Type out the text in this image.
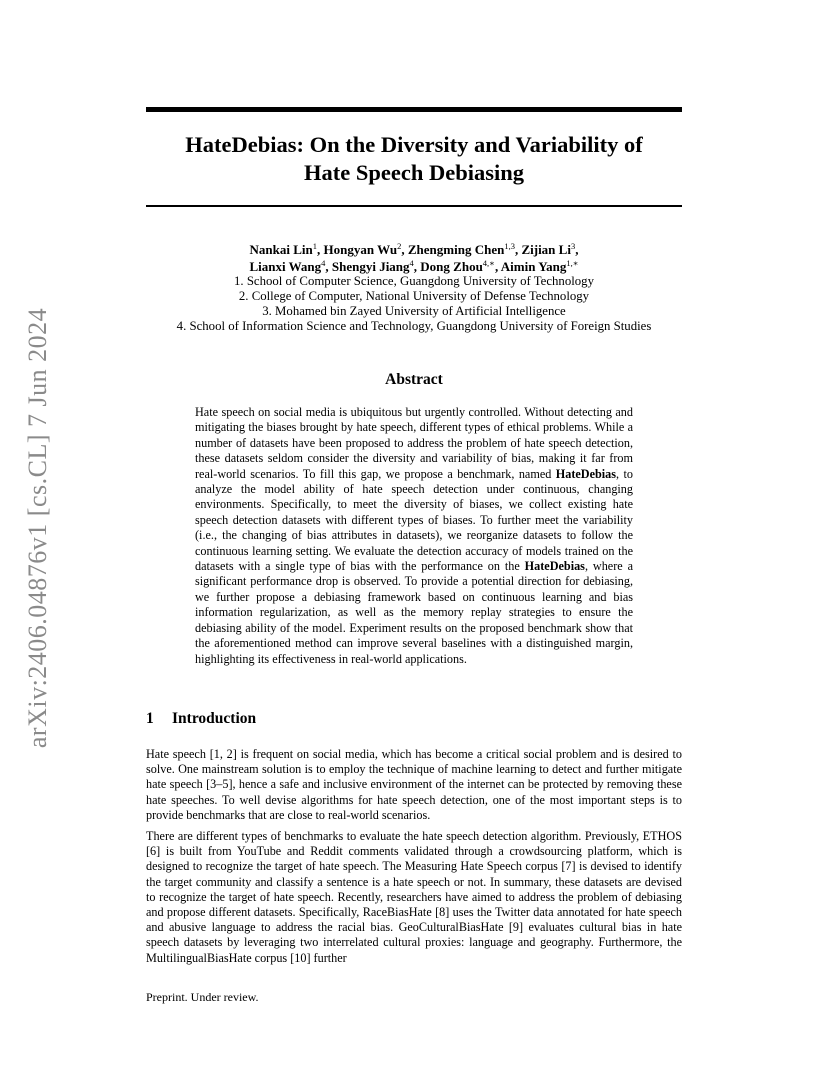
arXiv:2406.04876v1 [cs.CL] 7 Jun 2024
HateDebias: On the Diversity and Variability of
Hate Speech Debiasing
Nankai Lin$^1$, Hongyan Wu$^2$, Zhengming Chen$^{1,3}$, Zijian Li$^3$,
Lianxi Wang$^4$, Shengyi Jiang$^4$, Dong Zhou$^{4,∗}$, Aimin Yang$^{1,∗}$
1. School of Computer Science, Guangdong University of Technology
2. College of Computer, National University of Defense Technology
3. Mohamed bin Zayed University of Artificial Intelligence
4. School of Information Science and Technology, Guangdong University of Foreign Studies
Abstract
Hate speech on social media is ubiquitous but urgently controlled. Without detecting and mitigating the biases brought by hate speech, different types of ethical problems. While a number of datasets have been proposed to address the problem of hate speech detection, these datasets seldom consider the diversity and variability of bias, making it far from real-world scenarios. To fill this gap, we propose a benchmark, named HateDebias, to analyze the model ability of hate speech detection under continuous, changing environments. Specifically, to meet the diversity of biases, we collect existing hate speech detection datasets with different types of biases. To further meet the variability (i.e., the changing of bias attributes in datasets), we reorganize datasets to follow the continuous learning setting. We evaluate the detection accuracy of models trained on the datasets with a single type of bias with the performance on the HateDebias, where a significant performance drop is observed. To provide a potential direction for debiasing, we further propose a debiasing framework based on continuous learning and bias information regularization, as well as the memory replay strategies to ensure the debiasing ability of the model. Experiment results on the proposed benchmark show that the aforementioned method can improve several baselines with a distinguished margin, highlighting its effectiveness in real-world applications.
1 Introduction

Hate speech [1, 2] is frequent on social media, which has become a critical social problem and is desired to solve. One mainstream solution is to employ the technique of machine learning to detect and further mitigate hate speech [3–5], hence a safe and inclusive environment of the internet can be protected by removing these hate speeches. To well devise algorithms for hate speech detection, one of the most important steps is to provide benchmarks that are close to real-world scenarios.

There are different types of benchmarks to evaluate the hate speech detection algorithm. Previously, ETHOS [6] is built from YouTube and Reddit comments validated through a crowdsourcing platform, which is designed to recognize the target of hate speech. The Measuring Hate Speech corpus [7] is devised to identify the target community and classify a sentence is a hate speech or not. In summary, these datasets are devised to recognize the target of hate speech. Recently, researchers have aimed to address the problem of debiasing and propose different datasets. Specifically, RaceBiasHate [8] uses the Twitter data annotated for hate speech and abusive language to address the racial bias. GeoCulturalBiasHate [9] evaluates cultural bias in hate speech datasets by leveraging two interrelated cultural proxies: language and geography. Furthermore, the MultilingualBiasHate corpus [10] further

Preprint. Under review.
